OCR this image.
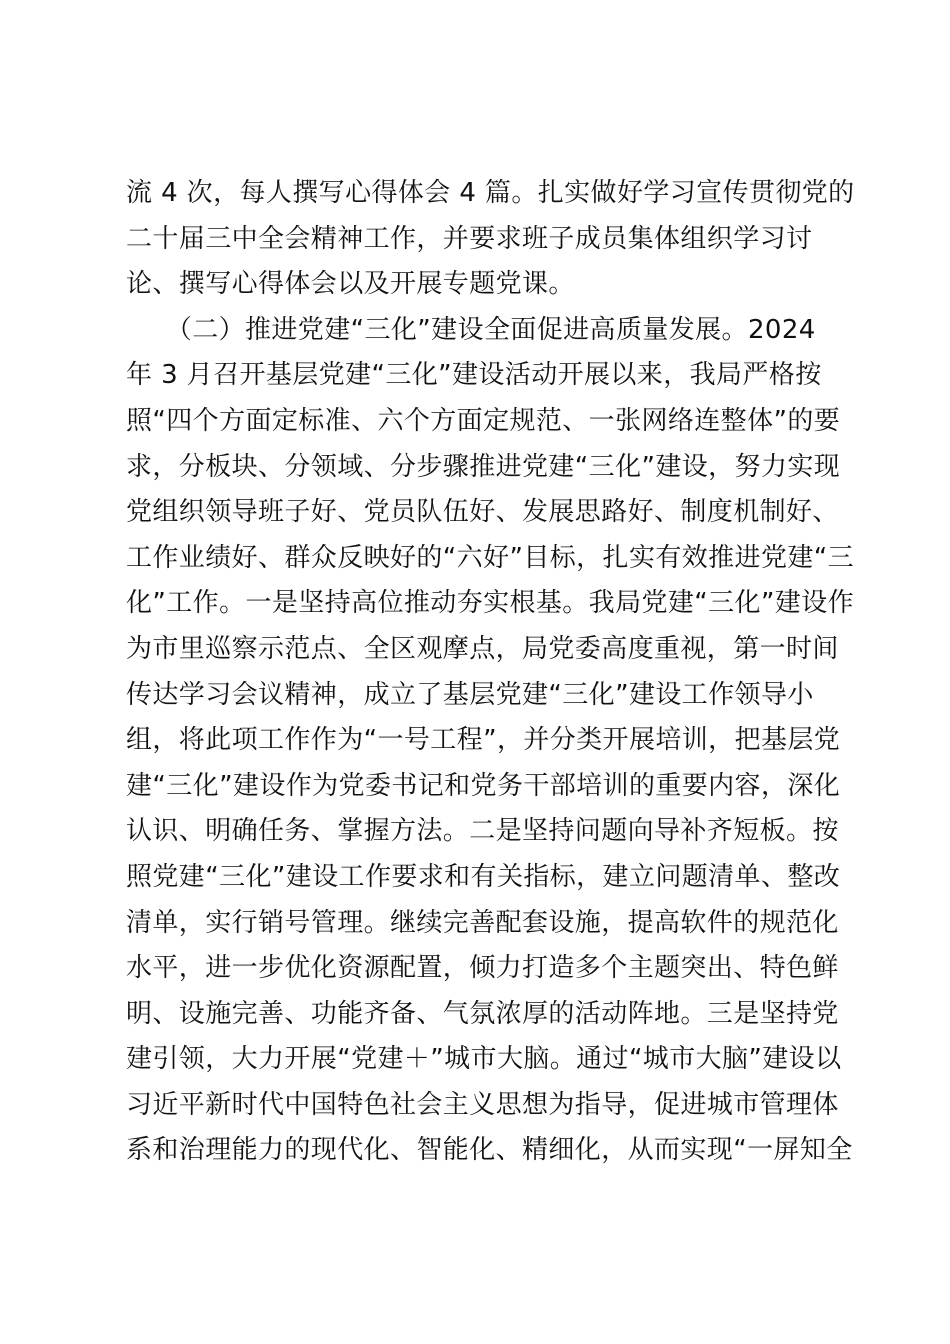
流 4 次，每人撰写心得体会 4 篇。扎实做好学习宣传贯彻党的
二十届三中全会精神工作，并要求班子成员集体组织学习讨
论、撰写心得体会以及开展专题党课。
　　（二）推进党建“三化”建设全面促进高质量发展。2024
年 3 月召开基层党建“三化”建设活动开展以来，我局严格按
照“四个方面定标准、六个方面定规范、一张网络连整体”的要
求，分板块、分领域、分步骤推进党建“三化”建设，努力实现
党组织领导班子好、党员队伍好、发展思路好、制度机制好、
工作业绩好、群众反映好的“六好”目标，扎实有效推进党建“三
化”工作。一是坚持高位推动夯实根基。我局党建“三化”建设作
为市里巡察示范点、全区观摩点，局党委高度重视，第一时间
传达学习会议精神，成立了基层党建“三化”建设工作领导小
组，将此项工作作为“一号工程”，并分类开展培训，把基层党
建“三化”建设作为党委书记和党务干部培训的重要内容，深化
认识、明确任务、掌握方法。二是坚持问题向导补齐短板。按
照党建“三化”建设工作要求和有关指标，建立问题清单、整改
清单，实行销号管理。继续完善配套设施，提高软件的规范化
水平，进一步优化资源配置，倾力打造多个主题突出、特色鲜
明、设施完善、功能齐备、气氛浓厚的活动阵地。三是坚持党
建引领，大力开展“党建＋”城市大脑。通过“城市大脑”建设以
习近平新时代中国特色社会主义思想为指导，促进城市管理体
系和治理能力的现代化、智能化、精细化，从而实现“一屏知全
